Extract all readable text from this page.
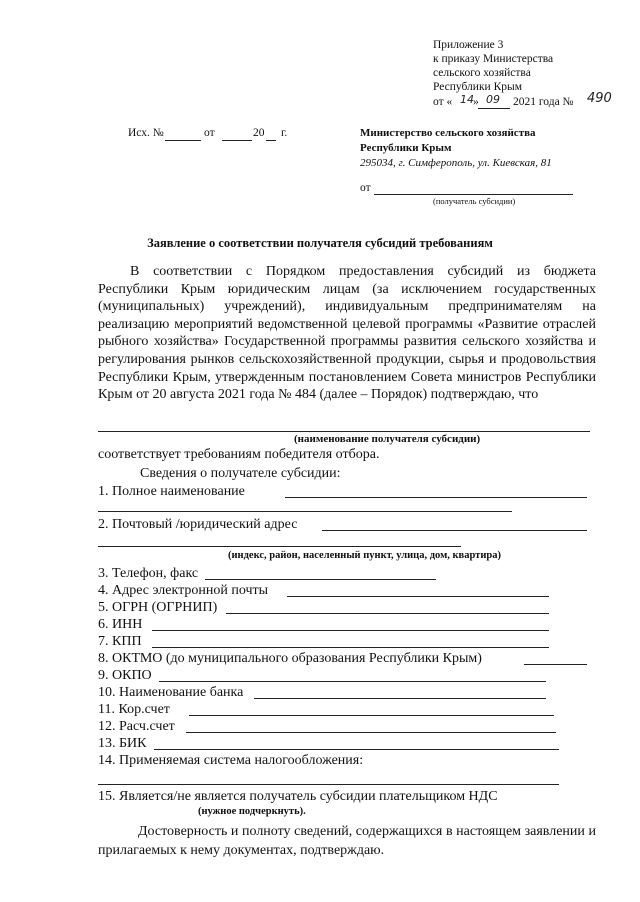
Приложение 3
к приказу Министерства
сельского хозяйства
Республики Крым
от « 14 » 09 2021 года № 490
Исх. №	от	20 г.	Министерство сельского хозяйства
Республики Крым
295034, г. Симферополь, ул. Киевская, 81
от
(получатель субсидии)
Заявление о соответствии получателя субсидий требованиям
В соответствии с Порядком предоставления субсидий из бюджета Республики Крым юридическим лицам (за исключением государственных (муниципальных) учреждений), индивидуальным предпринимателям на реализацию мероприятий ведомственной целевой программы «Развитие отраслей рыбного хозяйства» Государственной программы развития сельского хозяйства и регулирования рынков сельскохозяйственной продукции, сырья и продовольствия Республики Крым, утвержденным постановлением Совета министров Республики Крым от 20 августа 2021 года № 484 (далее – Порядок) подтверждаю, что
(наименование получателя субсидии)
соответствует требованиям победителя отбора.
Сведения о получателе субсидии:
1. Полное наименование
2. Почтовый /юридический адрес
(индекс, район, населенный пункт, улица, дом, квартира)
3. Телефон, факс
4. Адрес электронной почты
5. ОГРН (ОГРНИП)
6. ИНН
7. КПП
8. ОКТМО (до муниципального образования Республики Крым)
9. ОКПО
10. Наименование банка
11. Кор.счет
12. Расч.счет
13. БИК
14. Применяемая система налогообложения:
15. Является/не является получатель субсидии плательщиком НДС
(нужное подчеркнуть).
Достоверность и полноту сведений, содержащихся в настоящем заявлении и прилагаемых к нему документах, подтверждаю.
